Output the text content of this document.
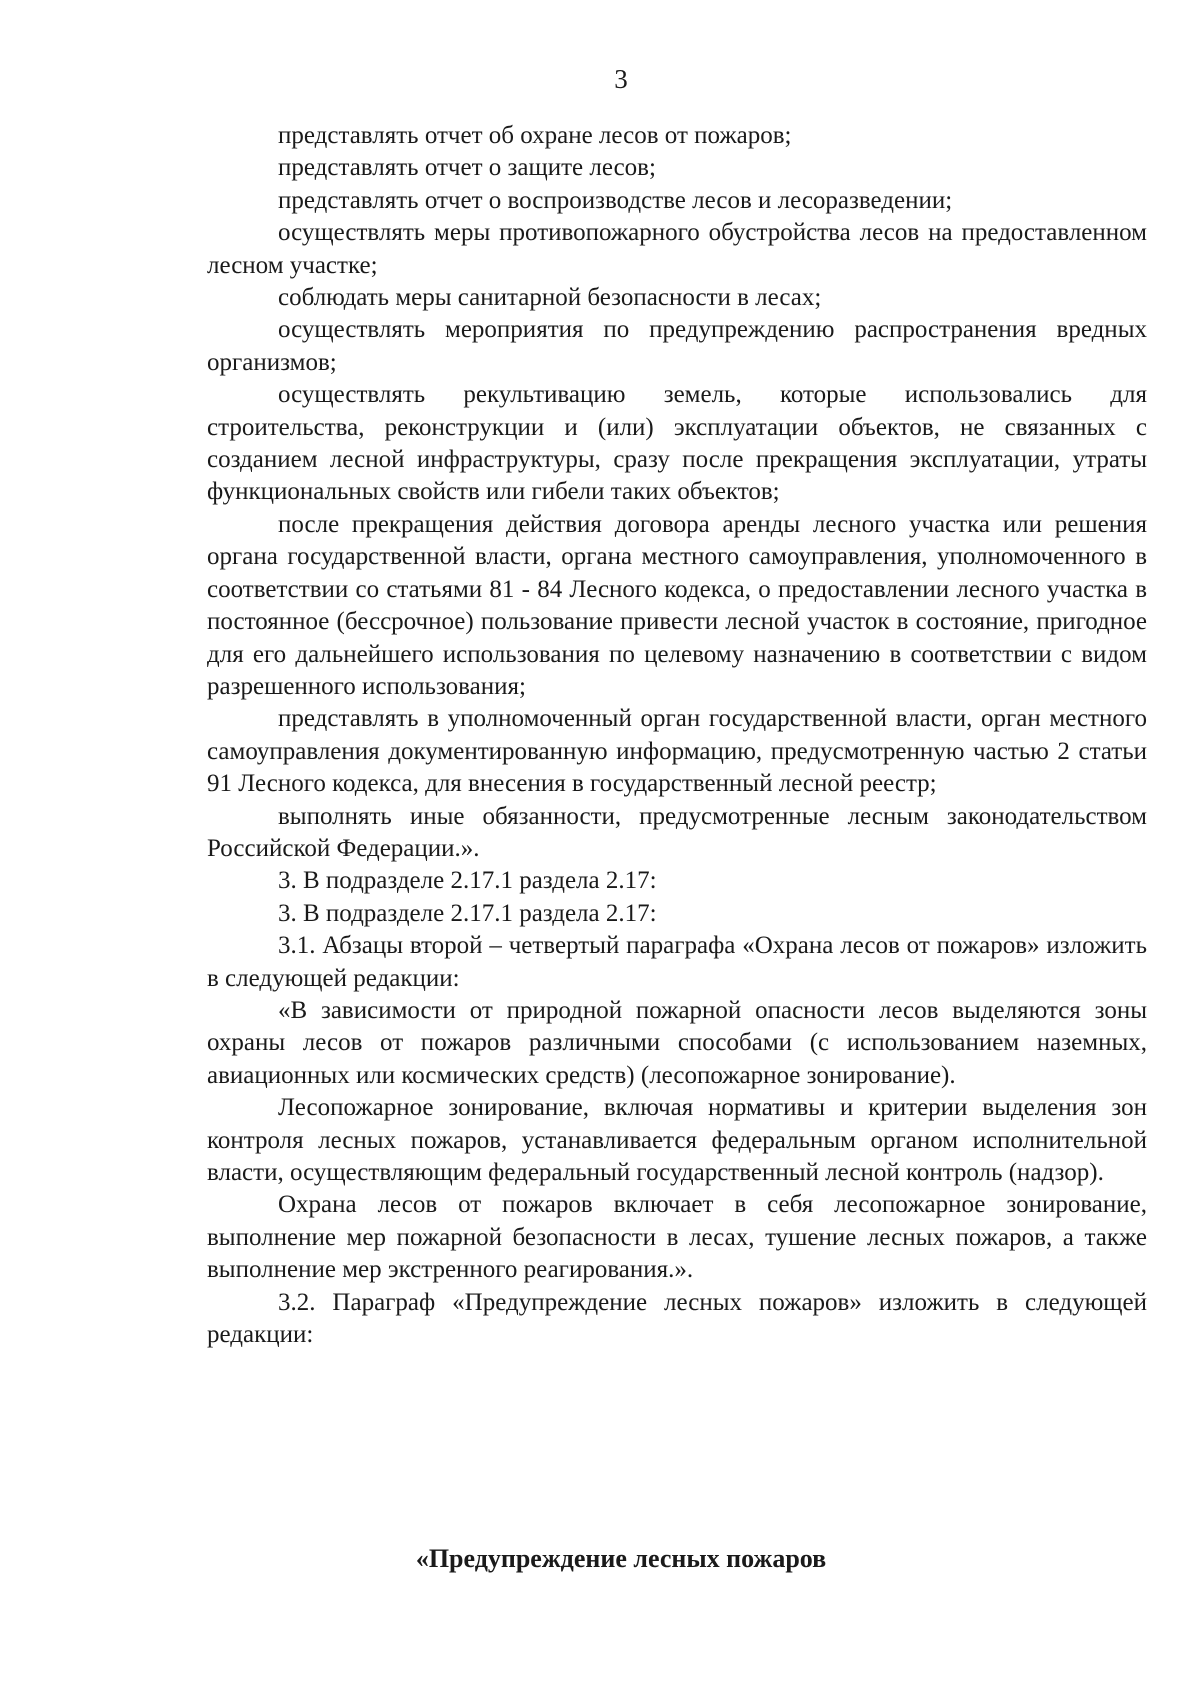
3

представлять отчет об охране лесов от пожаров;

представлять отчет о защите лесов;

представлять отчет о воспроизводстве лесов и лесоразведении;

осуществлять меры противопожарного обустройства лесов на предоставленном лесном участке;

соблюдать меры санитарной безопасности в лесах;

осуществлять мероприятия по предупреждению распространения вредных организмов;

осуществлять рекультивацию земель, которые использовались для строительства, реконструкции и (или) эксплуатации объектов, не связанных с созданием лесной инфраструктуры, сразу после прекращения эксплуатации, утраты функциональных свойств или гибели таких объектов;

после прекращения действия договора аренды лесного участка или решения органа государственной власти, органа местного самоуправления, уполномоченного в соответствии со статьями 81 - 84 Лесного кодекса, о предоставлении лесного участка в постоянное (бессрочное) пользование привести лесной участок в состояние, пригодное для его дальнейшего использования по целевому назначению в соответствии с видом разрешенного использования;

представлять в уполномоченный орган государственной власти, орган местного самоуправления документированную информацию, предусмотренную частью 2 статьи 91 Лесного кодекса, для внесения в государственный лесной реестр;

выполнять иные обязанности, предусмотренные лесным законодательством Российской Федерации.».

3. В подразделе 2.17.1 раздела 2.17:

3. В подразделе 2.17.1 раздела 2.17:

3.1. Абзацы второй – четвертый параграфа «Охрана лесов от пожаров» изложить в следующей редакции:

«В зависимости от природной пожарной опасности лесов выделяются зоны охраны лесов от пожаров различными способами (с использованием наземных, авиационных или космических средств) (лесопожарное зонирование).

Лесопожарное зонирование, включая нормативы и критерии выделения зон контроля лесных пожаров, устанавливается федеральным органом исполнительной власти, осуществляющим федеральный государственный лесной контроль (надзор).

Охрана лесов от пожаров включает в себя лесопожарное зонирование, выполнение мер пожарной безопасности в лесах, тушение лесных пожаров, а также выполнение мер экстренного реагирования.».

3.2. Параграф «Предупреждение лесных пожаров» изложить в следующей редакции:

«Предупреждение лесных пожаров
